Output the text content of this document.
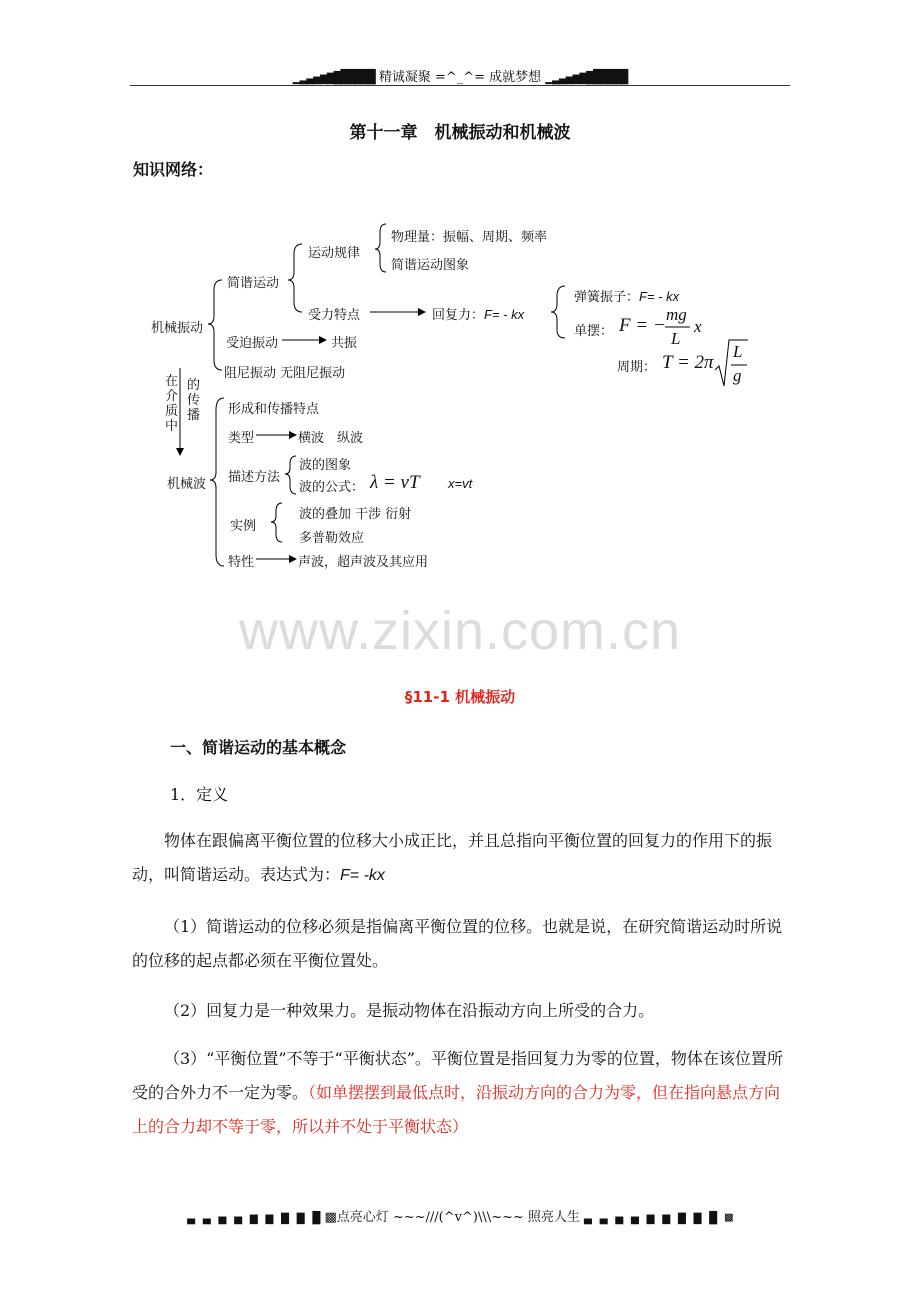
▁▂▃▄▅▆▇█████ 精诚凝聚 =^_^= 成就梦想 ▁▂▃▄▅▆▇█████
第十一章　机械振动和机械波
知识网络：
机械振动
简谐运动
运动规律
物理量：振幅、周期、频率
简谐运动图象
受力特点	回复力：F= - kx
弹簧振子：F= - kx
单摆： F = −
mg
L
x
周期： T = 2π
L
g
受迫振动	共振
阻尼振动 无阻尼振动
在介质中
的传播
机械波
形成和传播特点
类型	横波　纵波
描述方法
波的图象
波的公式： λ = vT x=vt
实例
波的叠加 干涉 衍射
多普勒效应
特性	声波，超声波及其应用
www.zixin.com.cn
§11-1 机械振动
一、简谐运动的基本概念
1．定义
物体在跟偏离平衡位置的位移大小成正比，并且总指向平衡位置的回复力的作用下的振动，叫简谐运动。表达式为：F= -kx
（1）简谐运动的位移必须是指偏离平衡位置的位移。也就是说，在研究简谐运动时所说的位移的起点都必须在平衡位置处。
（2）回复力是一种效果力。是振动物体在沿振动方向上所受的合力。
（3）“平衡位置”不等于“平衡状态”。平衡位置是指回复力为零的位置，物体在该位置所受的合外力不一定为零。（如单摆摆到最低点时，沿振动方向的合力为零，但在指向悬点方向上的合力却不等于零，所以并不处于平衡状态）
▃ ▃ ▄ ▄ ▅ ▅ ▆ ▆ ▇ ▩点亮心灯 ~~~///(^v^)\\\~~~ 照亮人生 ▃ ▃ ▄ ▄ ▅ ▅ ▆ ▆ ▇ ▩
